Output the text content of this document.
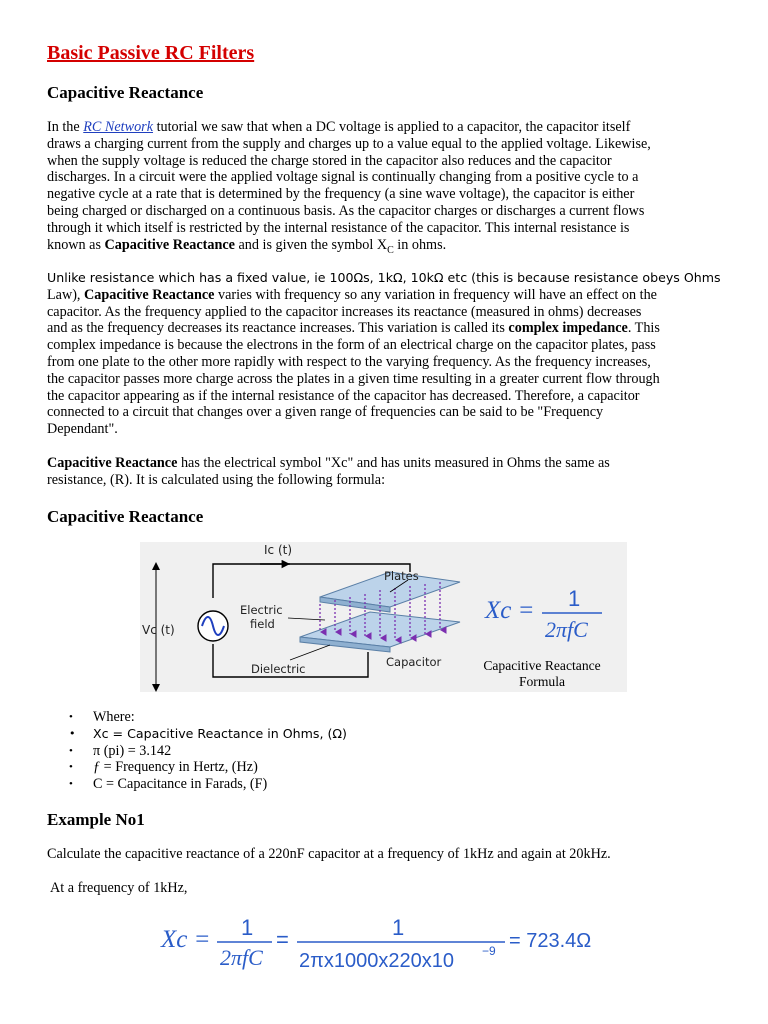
Basic Passive RC Filters
Capacitive Reactance

In the RC Network tutorial we saw that when a DC voltage is applied to a capacitor, the capacitor itself
draws a charging current from the supply and charges up to a value equal to the applied voltage. Likewise,
when the supply voltage is reduced the charge stored in the capacitor also reduces and the capacitor
discharges. In a circuit were the applied voltage signal is continually changing from a positive cycle to a
negative cycle at a rate that is determined by the frequency (a sine wave voltage), the capacitor is either
being charged or discharged on a continuous basis. As the capacitor charges or discharges a current flows
through it which itself is restricted by the internal resistance of the capacitor. This internal resistance is
known as Capacitive Reactance and is given the symbol $X_C$ in ohms.

Unlike resistance which has a fixed value, ie 100Ωs, 1kΩ, 10kΩ etc (this is because resistance obeys Ohms
Law), Capacitive Reactance varies with frequency so any variation in frequency will have an effect on the
capacitor. As the frequency applied to the capacitor increases its reactance (measured in ohms) decreases
and as the frequency decreases its reactance increases. This variation is called its complex impedance. This
complex impedance is because the electrons in the form of an electrical charge on the capacitor plates, pass
from one plate to the other more rapidly with respect to the varying frequency. As the frequency increases,
the capacitor passes more charge across the plates in a given time resulting in a greater current flow through
the capacitor appearing as if the internal resistance of the capacitor has decreased. Therefore, a capacitor
connected to a circuit that changes over a given range of frequencies can be said to be "Frequency
Dependant".

Capacitive Reactance has the electrical symbol "Xc" and has units measured in Ohms the same as
resistance, (R). It is calculated using the following formula:

Capacitive Reactance
Ic (t)
Vc (t)
Plates
Electric
field
Dielectric	Capacitor
Xc = 1
2πfC
Capacitive Reactance
Formula
• Where:
• Xc = Capacitive Reactance in Ohms, (Ω)
• π (pi) = 3.142
• ƒ = Frequency in Hertz, (Hz)
• C = Capacitance in Farads, (F)
Example No1

Calculate the capacitive reactance of a 220nF capacitor at a frequency of 1kHz and again at 20kHz.

At a frequency of 1kHz,

Xc = 1
2πfC
=	1
2πx1000x220x10 −9 = 723.4Ω
